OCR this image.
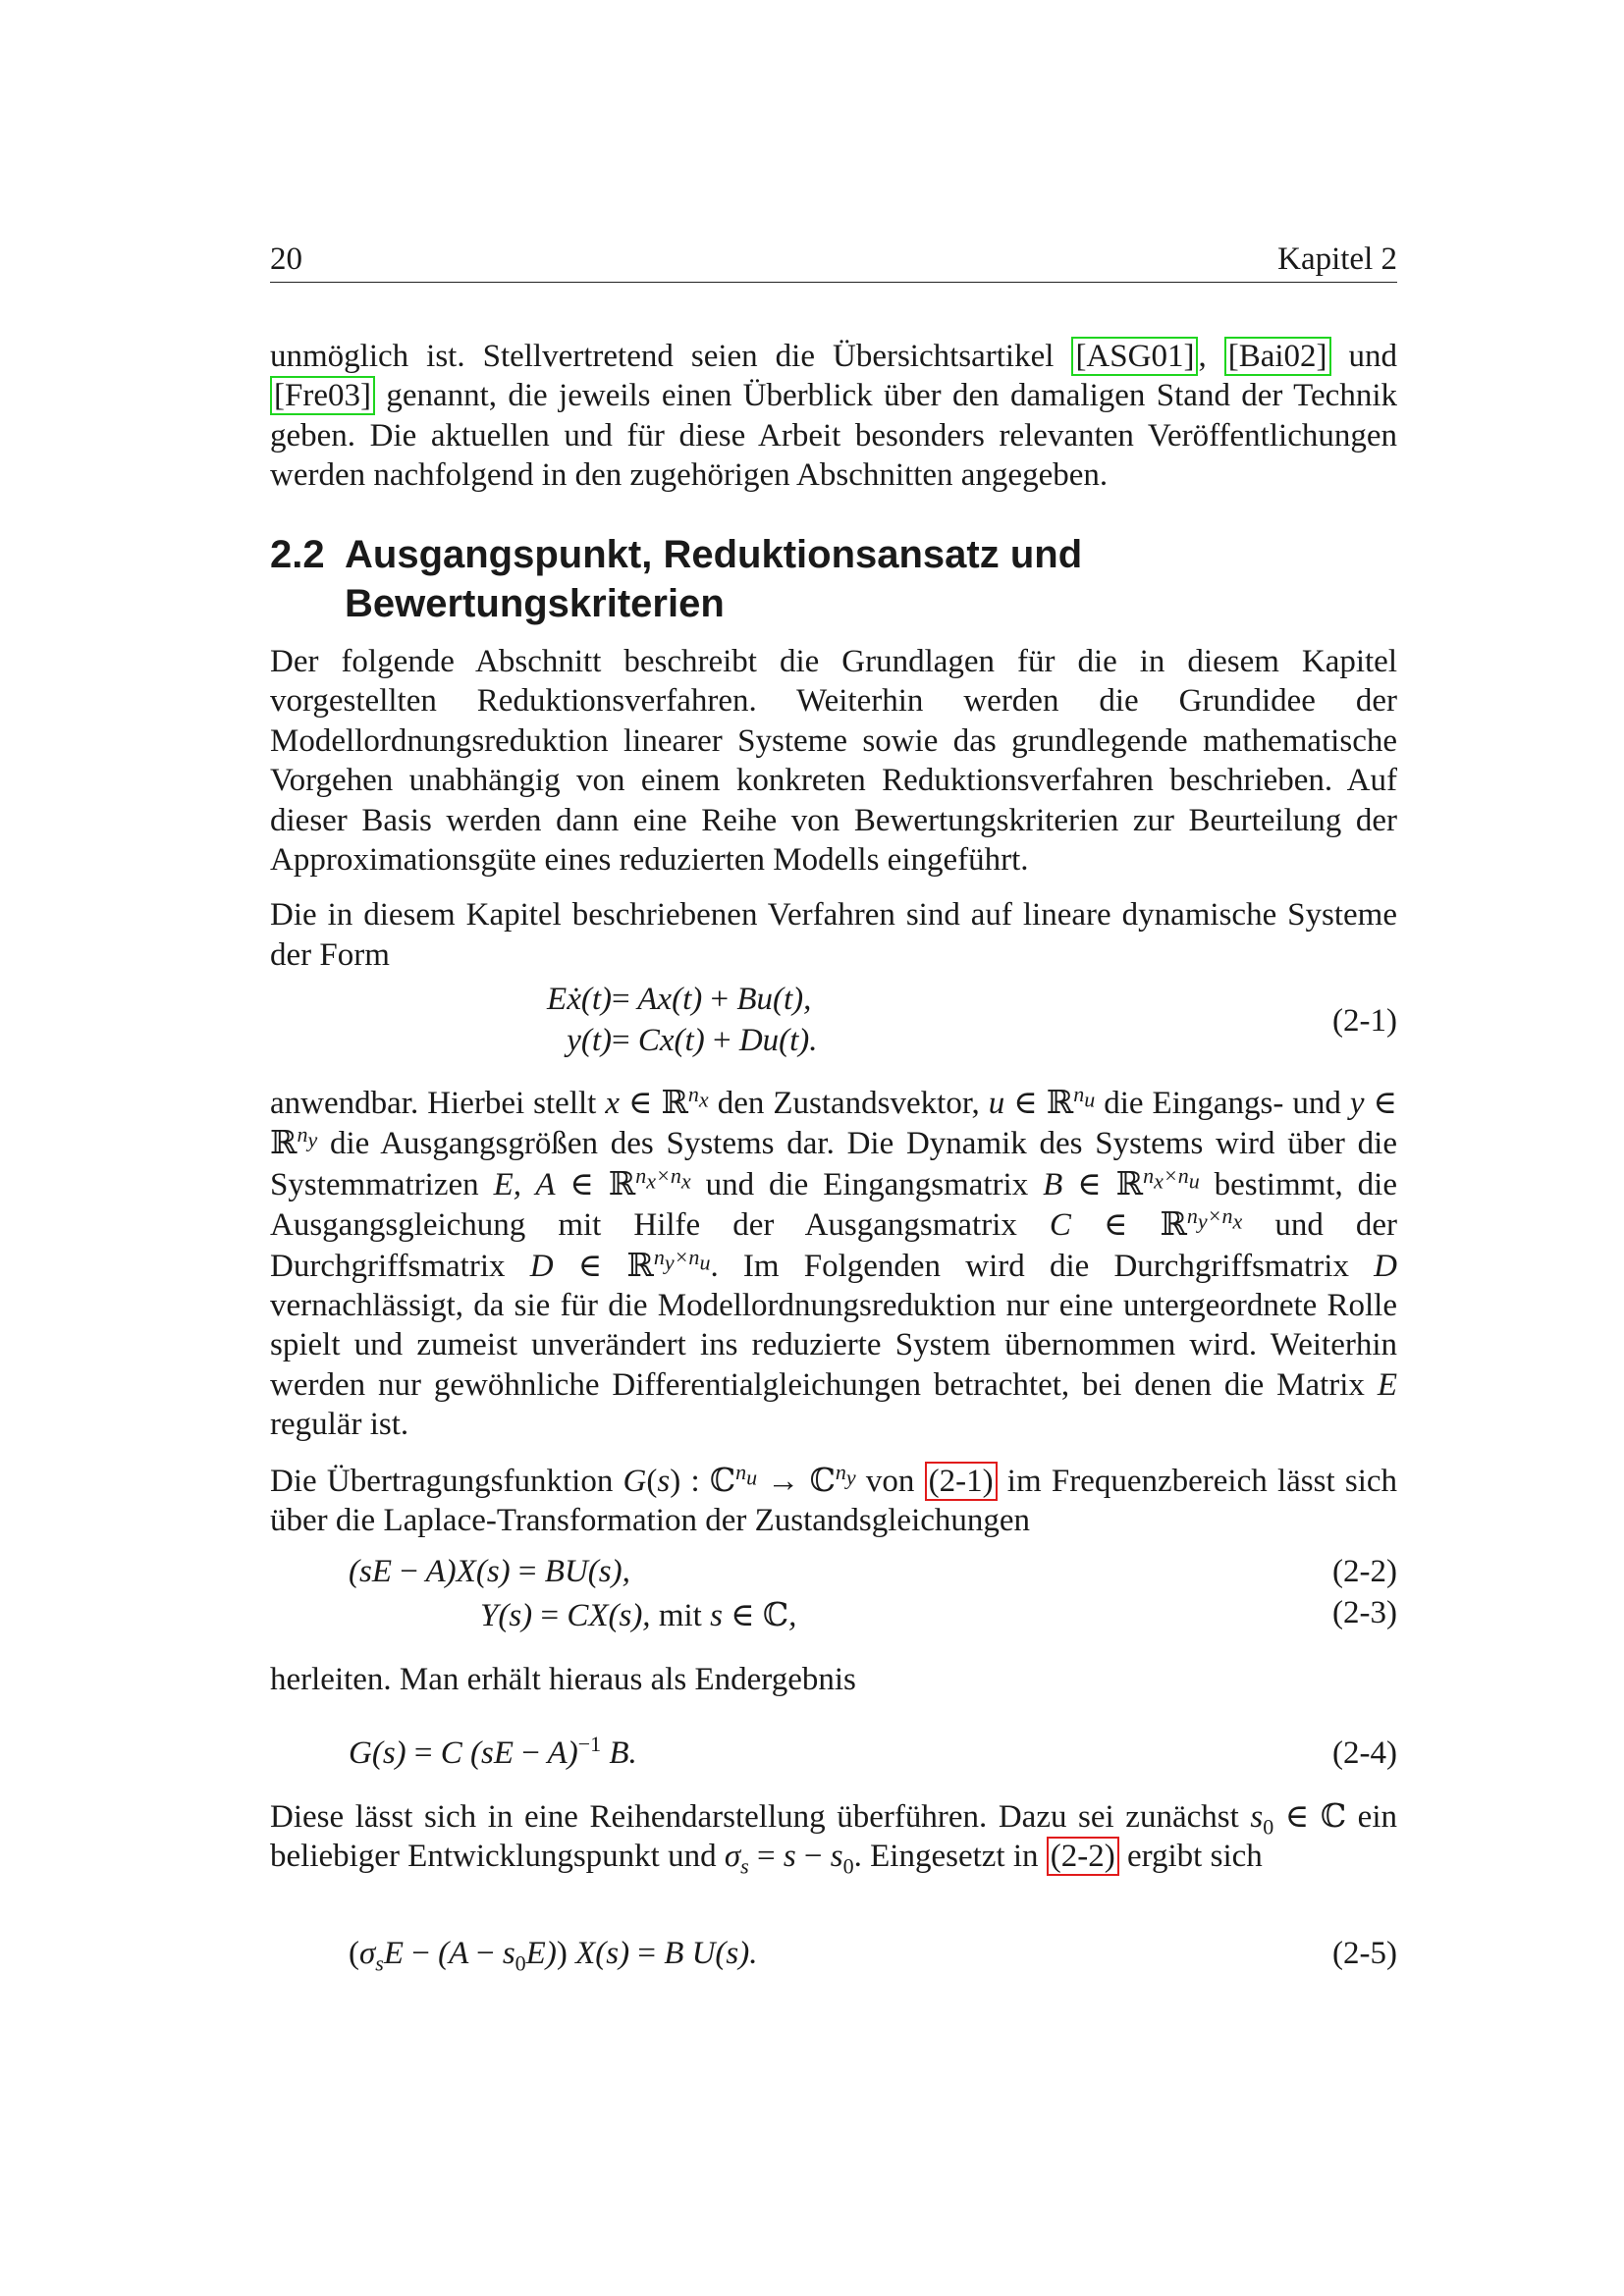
20	Kapitel 2

unmöglich ist. Stellvertretend seien die Übersichtsartikel [ASG01] , [Bai02] und [Fre03] genannt, die jeweils einen Überblick über den damaligen Stand der Technik geben. Die aktuellen und für diese Arbeit besonders relevanten Veröffentlichungen werden nachfolgend in den zugehörigen Abschnitten angegeben.

2.2 Ausgangspunkt, Reduktionsansatz und
Bewertungskriterien

Der folgende Abschnitt beschreibt die Grundlagen für die in diesem Kapitel vorgestellten Reduktionsverfahren. Weiterhin werden die Grundidee der Modellordnungsreduktion linearer Systeme sowie das grundlegende mathematische Vorgehen unabhängig von einem konkreten Reduktionsverfahren beschrieben. Auf dieser Basis werden dann eine Reihe von Bewertungskriterien zur Beurteilung der Approximationsgüte eines reduzierten Modells eingeführt.

Die in diesem Kapitel beschriebenen Verfahren sind auf lineare dynamische Systeme der Form

Eẋ(t) = Ax(t) + Bu(t),
y(t) = Cx(t) + Du(t).
(2-1)

anwendbar. Hierbei stellt x ∈ ℝ$^{n_x}$ den Zustandsvektor, u ∈ ℝ$^{n_u}$ die Eingangs- und y ∈ ℝ$^{n_y}$ die Ausgangsgrößen des Systems dar. Die Dynamik des Systems wird über die Systemmatrizen E, A ∈ ℝ$^{n_x\times n_x}$ und die Eingangsmatrix B ∈ ℝ$^{n_x\times n_u}$ bestimmt, die Ausgangsgleichung mit Hilfe der Ausgangsmatrix C ∈ ℝ$^{n_y\times n_x}$ und der Durchgriffsmatrix D ∈ ℝ$^{n_y\times n_u}$. Im Folgenden wird die Durchgriffsmatrix D vernachlässigt, da sie für die Modellordnungsreduktion nur eine untergeordnete Rolle spielt und zumeist unverändert ins reduzierte System übernommen wird. Weiterhin werden nur gewöhnliche Differentialgleichungen betrachtet, bei denen die Matrix E regulär ist.

Die Übertragungsfunktion G(s) : ℂ$^{n_u}$ → ℂ$^{n_y}$ von (2-1) im Frequenzbereich lässt sich über die Laplace-Transformation der Zustandsgleichungen

(sE − A)X(s) = BU(s),	(2-2)
Y(s) = CX(s), mit s ∈ ℂ,	(2-3)

herleiten. Man erhält hieraus als Endergebnis

G(s) = C (sE − A)$^{-1}$ B.	(2-4)

Diese lässt sich in eine Reihendarstellung überführen. Dazu sei zunächst $s_0$ ∈ ℂ ein beliebiger Entwicklungspunkt und $\sigma_s = s - s_0$. Eingesetzt in (2-2) ergibt sich

$(\sigma_sE - (A - s_0E)) X(s) = B$ U(s).	(2-5)
